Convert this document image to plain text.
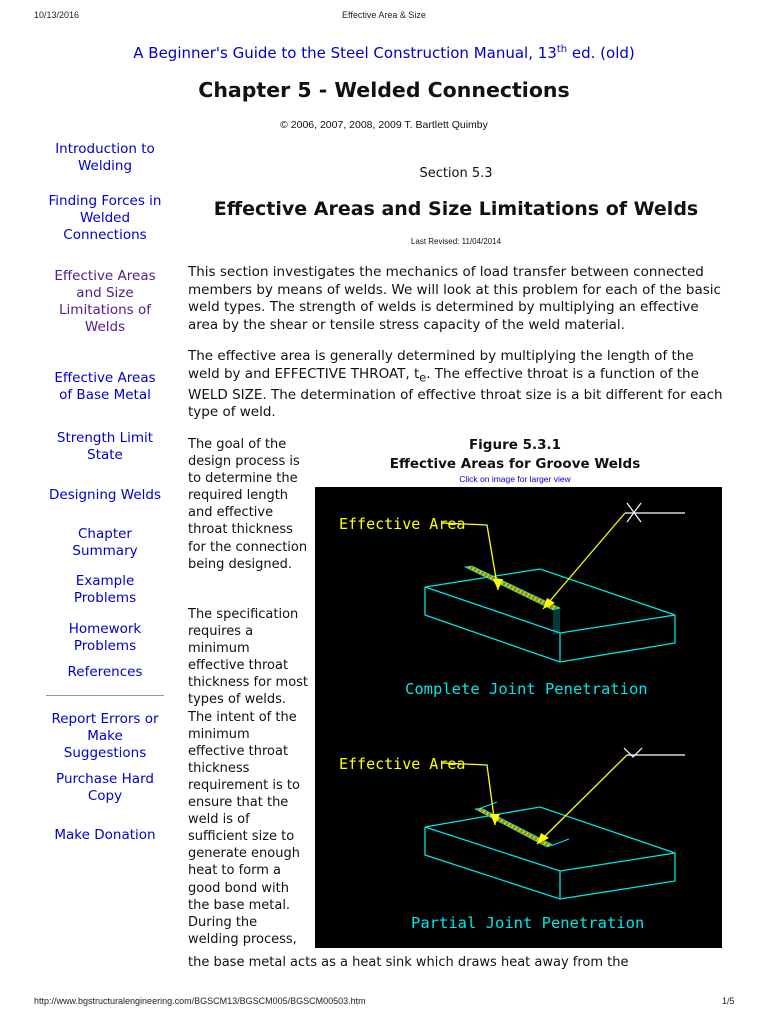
10/13/2016	Effective Area & Size
A Beginner's Guide to the Steel Construction Manual, 13th ed. (old)
Chapter 5 - Welded Connections
© 2006, 2007, 2008, 2009 T. Bartlett Quimby
Introduction to Welding
Finding Forces in Welded Connections
Effective Areas and Size Limitations of Welds
Effective Areas of Base Metal
Strength Limit State
Designing Welds
Chapter Summary
Example Problems
Homework Problems
References
Report Errors or Make Suggestions
Purchase Hard Copy
Make Donation
Section 5.3
Effective Areas and Size Limitations of Welds
Last Revised: 11/04/2014

This section investigates the mechanics of load transfer between connected members by means of welds. We will look at this problem for each of the basic weld types. The strength of welds is determined by multiplying an effective area by the shear or tensile stress capacity of the weld material.

The effective area is generally determined by multiplying the length of the weld by and EFFECTIVE THROAT, $t_e$. The effective throat is a function of the WELD SIZE. The determination of effective throat size is a bit different for each type of weld.

The goal of the design process is to determine the required length and effective throat thickness for the connection being designed.

The specification requires a minimum effective throat thickness for most types of welds. The intent of the minimum effective throat thickness requirement is to ensure that the weld is of sufficient size to generate enough heat to form a good bond with the base metal. During the welding process,

the base metal acts as a heat sink which draws heat away from the

Figure 5.3.1
Effective Areas for Groove Welds
Click on image for larger view
Effective Area
Complete Joint Penetration
Effective Area
Partial Joint Penetration
http://www.bgstructuralengineering.com/BGSCM13/BGSCM005/BGSCM00503.htm	1/5
